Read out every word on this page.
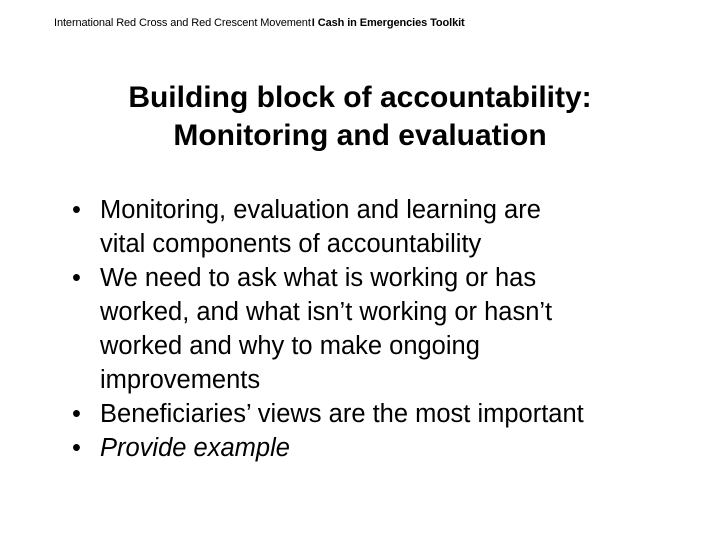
International Red Cross and Red Crescent MovementI Cash in Emergencies Toolkit
Building block of accountability:
Monitoring and evaluation
• Monitoring, evaluation and learning are
vital components of accountability
• We need to ask what is working or has
worked, and what isn’t working or hasn’t
worked and why to make ongoing
improvements
• Beneficiaries’ views are the most important
• Provide example
